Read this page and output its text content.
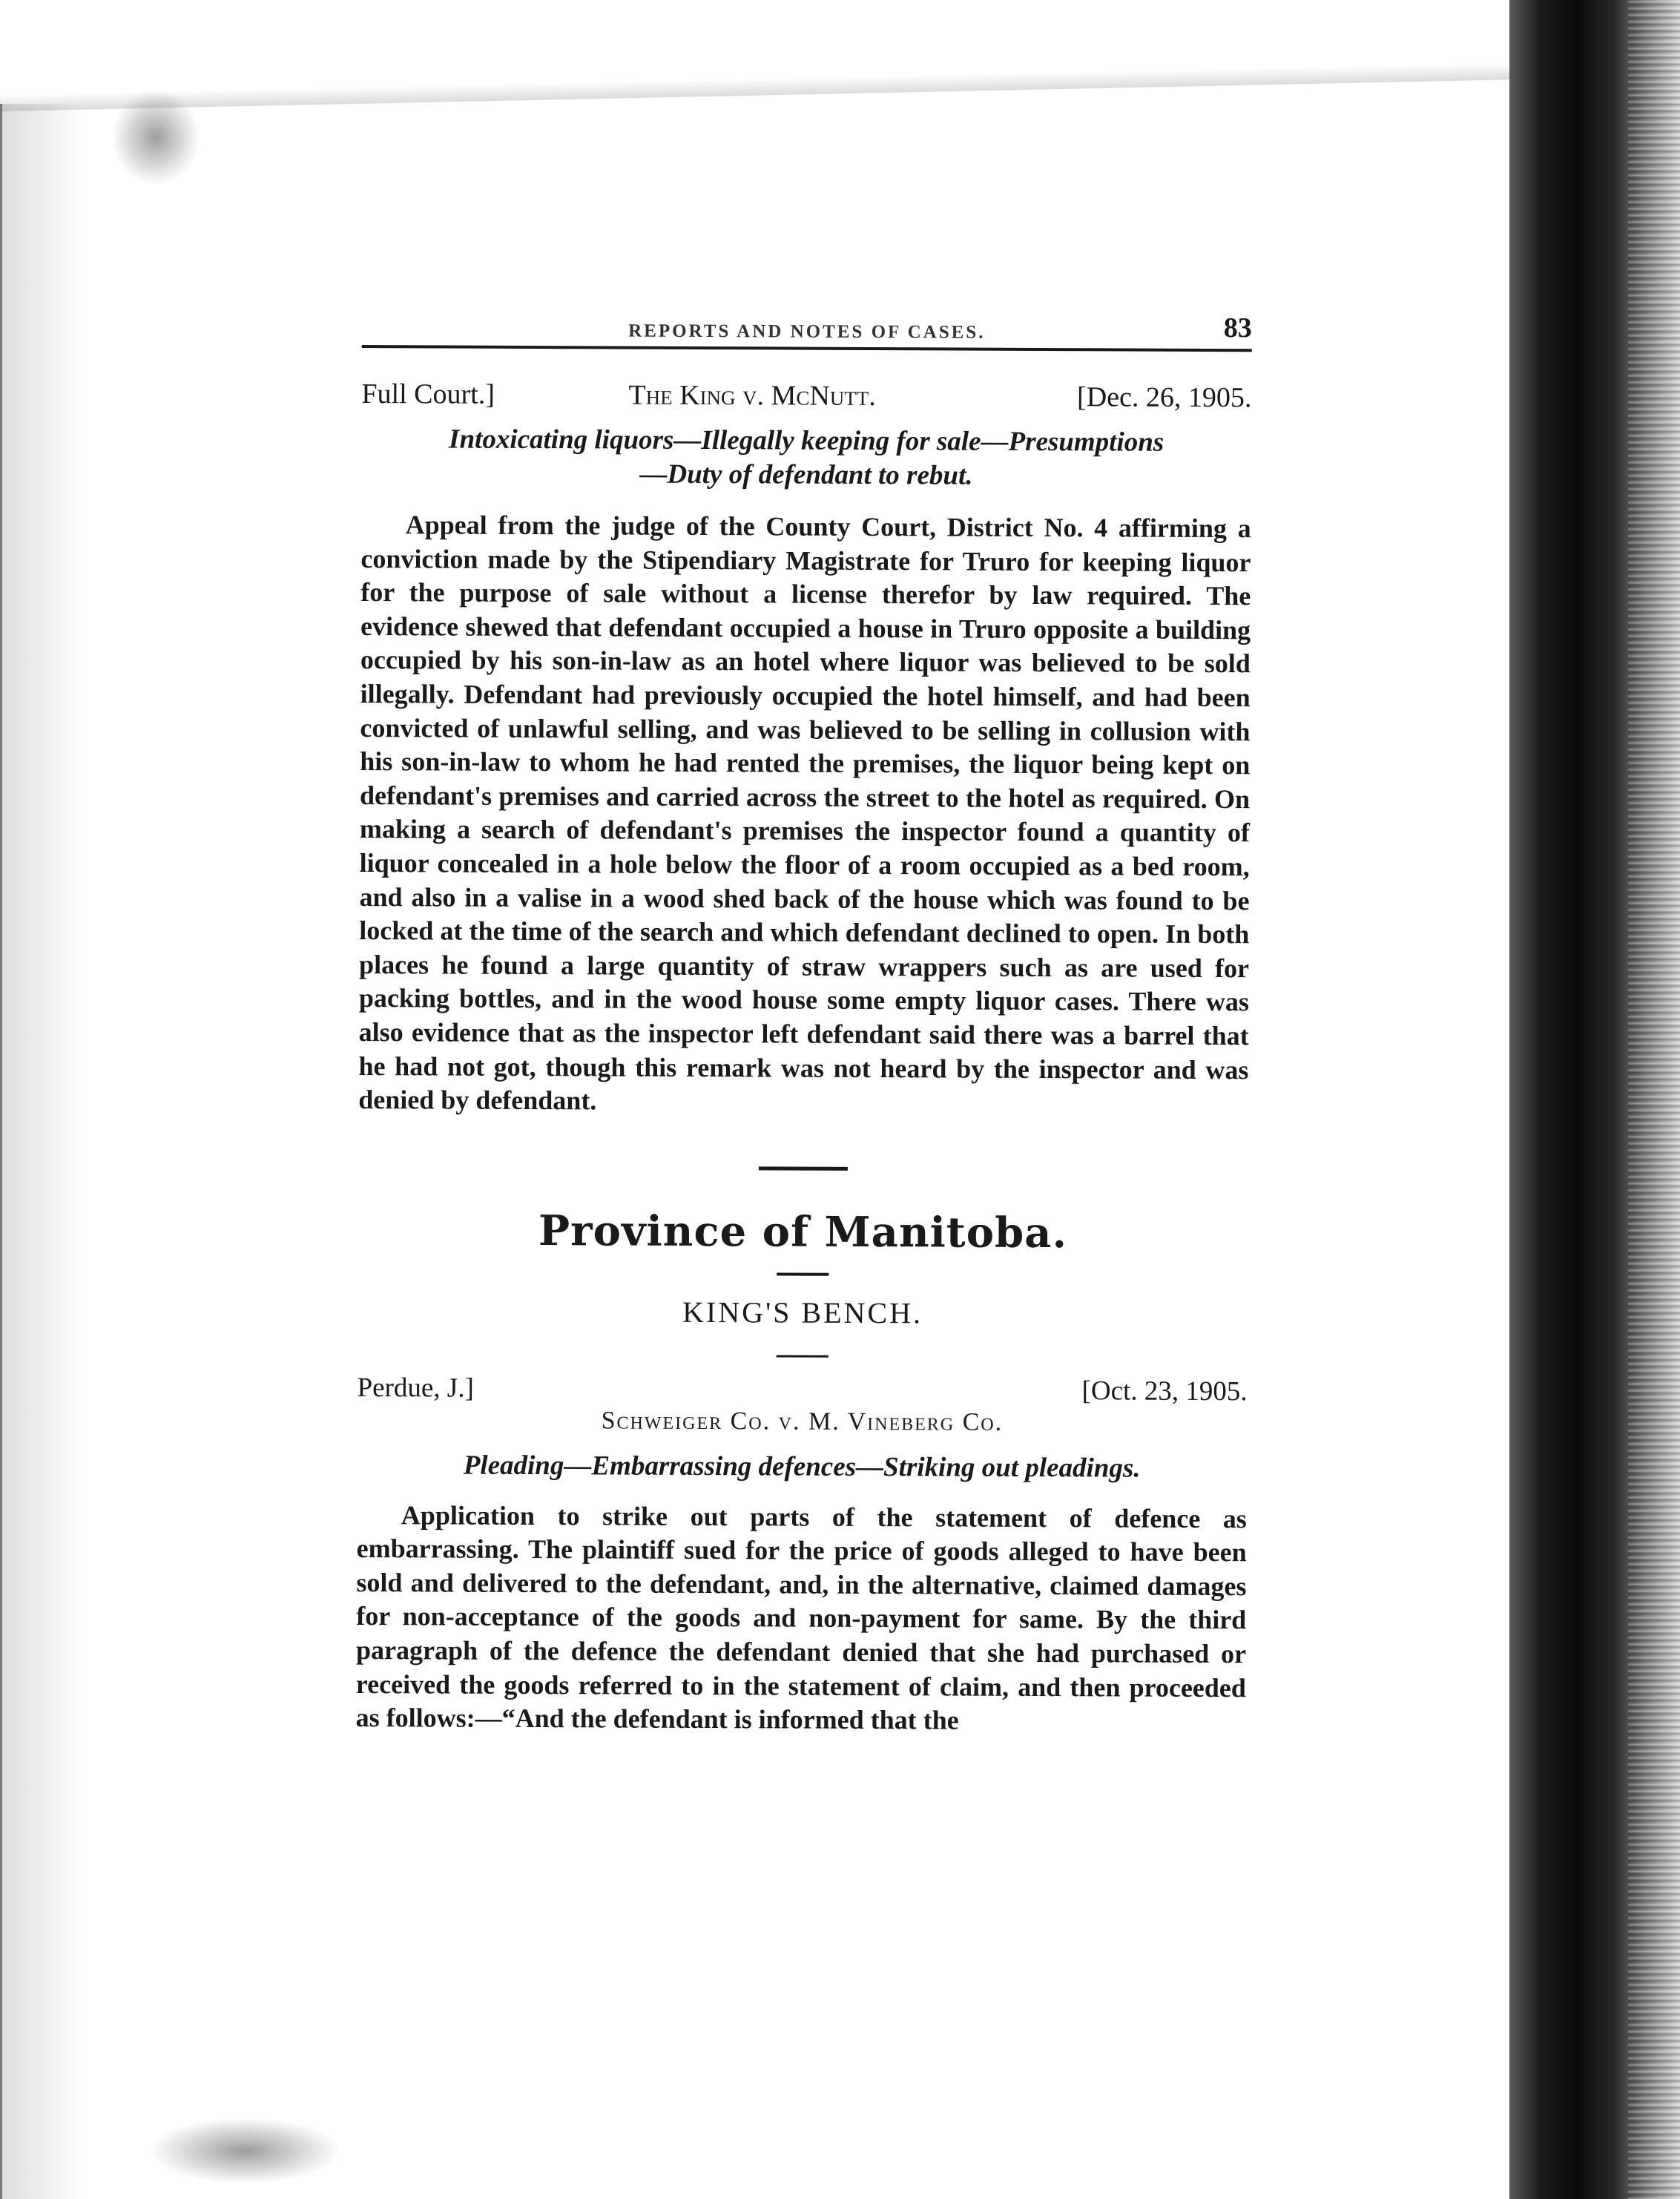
REPORTS AND NOTES OF CASES.	83
Full Court.]	The King v. McNutt.	[Dec. 26, 1905.

Intoxicating liquors—Illegally keeping for sale—Presumptions
—Duty of defendant to rebut.

Appeal from the judge of the County Court, District No. 4 affirming a conviction made by the Stipendiary Magistrate for Truro for keeping liquor for the purpose of sale without a license therefor by law required. The evidence shewed that defendant occupied a house in Truro opposite a building occupied by his son-in-law as an hotel where liquor was believed to be sold illegally. Defendant had previously occupied the hotel himself, and had been convicted of unlawful selling, and was believed to be selling in collusion with his son-in-law to whom he had rented the premises, the liquor being kept on defendant's premises and carried across the street to the hotel as required. On making a search of defendant's premises the inspector found a quantity of liquor concealed in a hole below the floor of a room occupied as a bed room, and also in a valise in a wood shed back of the house which was found to be locked at the time of the search and which defendant declined to open. In both places he found a large quantity of straw wrappers such as are used for packing bottles, and in the wood house some empty liquor cases. There was also evidence that as the inspector left defendant said there was a barrel that he had not got, though this remark was not heard by the inspector and was denied by defendant.

Province of Manitoba.
KING'S BENCH.
Perdue, J.]	[Oct. 23, 1905.
Schweiger Co. v. M. Vineberg Co.
Pleading—Embarrassing defences—Striking out pleadings.

Application to strike out parts of the statement of defence as embarrassing. The plaintiff sued for the price of goods alleged to have been sold and delivered to the defendant, and, in the alternative, claimed damages for non-acceptance of the goods and non-payment for same. By the third paragraph of the defence the defendant denied that she had purchased or received the goods referred to in the statement of claim, and then proceeded as follows:—“And the defendant is informed that the
